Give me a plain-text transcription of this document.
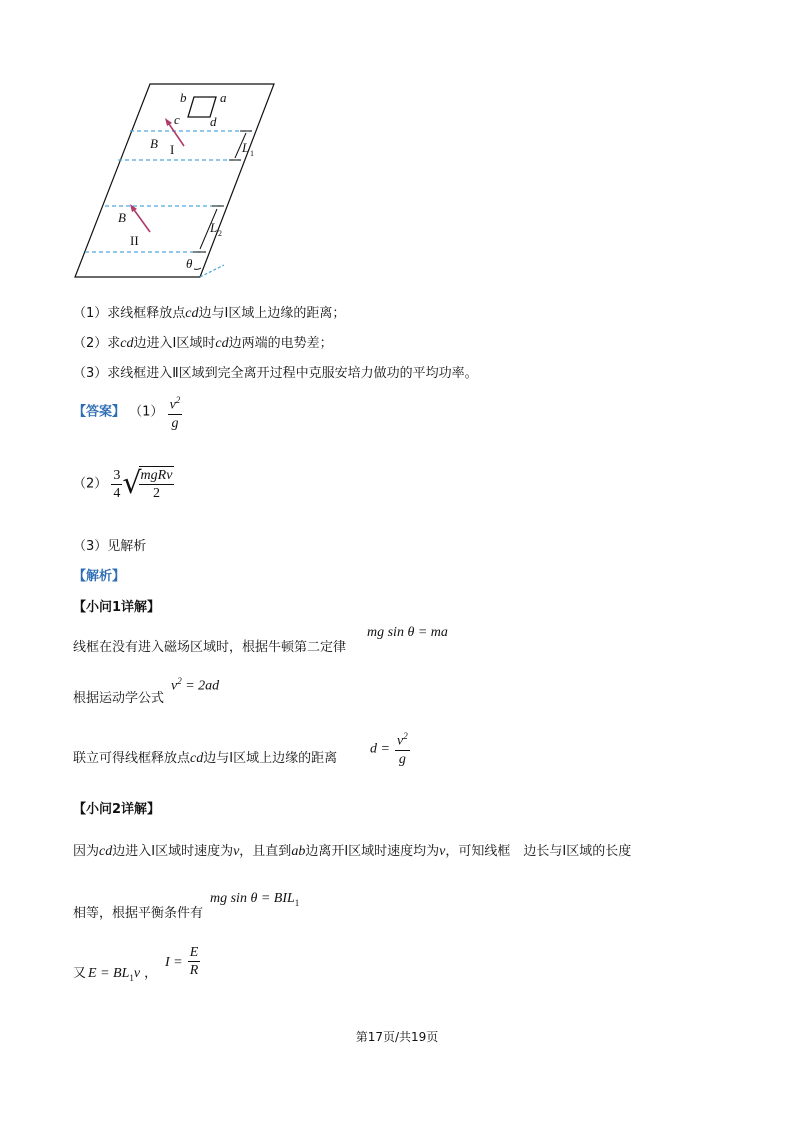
b	a
c d
B I
B
II
L 1
L 2
θ
（1）求线框释放点cd边与Ⅰ区域上边缘的距离；
（2）求cd边进入Ⅰ区域时cd边两端的电势差；
（3）求线框进入Ⅱ区域到完全离开过程中克服安培力做功的平均功率。
【答案】 $(1) \frac{v^2}{g}$
$(2) \frac{3}{4}$ √
$\frac{\text{mgRv}}{2}$
（3）见解析
【解析】
【小问1详解】
线框在没有进入磁场区域时，根据牛顿第二定律
mg sin θ = ma
根据运动学公式
$v^2 = 2ad$
联立可得线框释放点cd边与Ⅰ区域上边缘的距离
$d = \frac{v^2}{g}$
【小问2详解】
因为cd边进入Ⅰ区域时速度为v，且直到ab边离开Ⅰ区域时速度均为v，可知线框　边长与Ⅰ区域的长度
相等，根据平衡条件有
mg $\sin \theta = BIL_1$
又 $E = BL_1v$ ，
$I = \frac{E}{R}$
第17页/共19页
